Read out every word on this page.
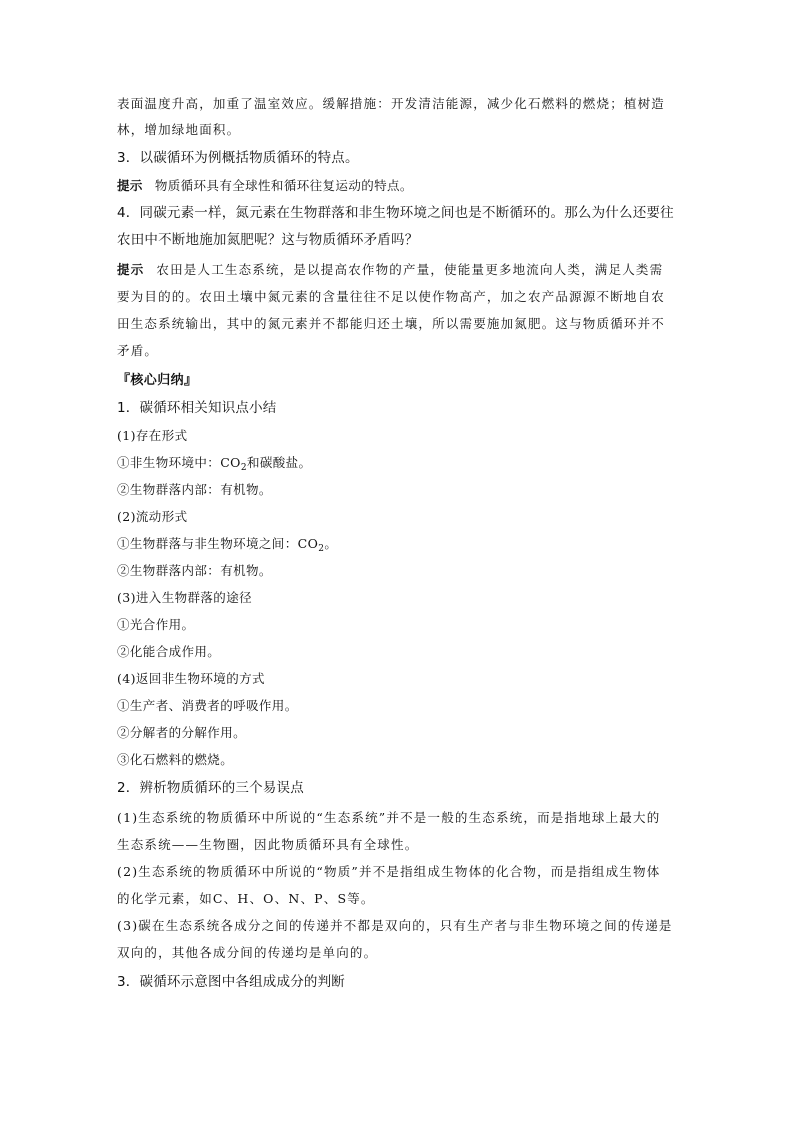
表面温度升高，加重了温室效应。缓解措施：开发清洁能源，减少化石燃料的燃烧；植树造
林，增加绿地面积。
3．以碳循环为例概括物质循环的特点。
提示 物质循环具有全球性和循环往复运动的特点。
4．同碳元素一样，氮元素在生物群落和非生物环境之间也是不断循环的。那么为什么还要往
农田中不断地施加氮肥呢？这与物质循环矛盾吗？
提示 农田是人工生态系统，是以提高农作物的产量，使能量更多地流向人类，满足人类需
要为目的的。农田土壤中氮元素的含量往往不足以使作物高产，加之农产品源源不断地自农
田生态系统输出，其中的氮元素并不都能归还土壤，所以需要施加氮肥。这与物质循环并不
矛盾。
『核心归纳』
1．碳循环相关知识点小结
(1)存在形式
①非生物环境中：$CO_2$和碳酸盐。
②生物群落内部：有机物。
(2)流动形式
①生物群落与非生物环境之间：$CO_2$。
②生物群落内部：有机物。
(3)进入生物群落的途径
①光合作用。
②化能合成作用。
(4)返回非生物环境的方式
①生产者、消费者的呼吸作用。
②分解者的分解作用。
③化石燃料的燃烧。
2．辨析物质循环的三个易误点
(1)生态系统的物质循环中所说的“生态系统”并不是一般的生态系统，而是指地球上最大的
生态系统——生物圈，因此物质循环具有全球性。
(2)生态系统的物质循环中所说的“物质”并不是指组成生物体的化合物，而是指组成生物体
的化学元素，如C、H、O、N、P、S等。
(3)碳在生态系统各成分之间的传递并不都是双向的，只有生产者与非生物环境之间的传递是
双向的，其他各成分间的传递均是单向的。
3．碳循环示意图中各组成成分的判断
